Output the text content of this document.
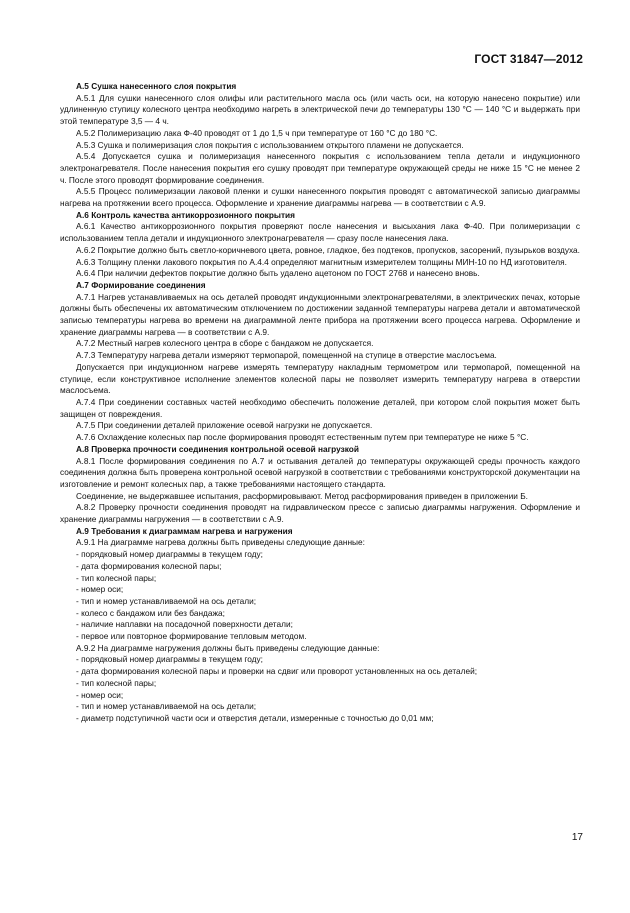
ГОСТ 31847—2012

А.5 Сушка нанесенного слоя покрытия

А.5.1 Для сушки нанесенного слоя олифы или растительного масла ось (или часть оси, на которую нанесено покрытие) или удлиненную ступицу колесного центра необходимо нагреть в электрической печи до температуры 130 °С — 140 °С и выдержать при этой температуре 3,5 — 4 ч.

А.5.2 Полимеризацию лака Ф-40 проводят от 1 до 1,5 ч при температуре от 160 °С до 180 °С.

А.5.3 Сушка и полимеризация слоя покрытия с использованием открытого пламени не допускается.

А.5.4 Допускается сушка и полимеризация нанесенного покрытия с использованием тепла детали и индукционного электронагревателя. После нанесения покрытия его сушку проводят при температуре окружающей среды не ниже 15 °С не менее 2 ч. После этого проводят формирование соединения.

А.5.5 Процесс полимеризации лаковой пленки и сушки нанесенного покрытия проводят с автоматической записью диаграммы нагрева на протяжении всего процесса. Оформление и хранение диаграммы нагрева — в соответствии с А.9.

А.6 Контроль качества антикоррозионного покрытия

А.6.1 Качество антикоррозионного покрытия проверяют после нанесения и высыхания лака Ф-40. При полимеризации с использованием тепла детали и индукционного электронагревателя — сразу после нанесения лака.

А.6.2 Покрытие должно быть светло-коричневого цвета, ровное, гладкое, без подтеков, пропусков, засорений, пузырьков воздуха.

А.6.3 Толщину пленки лакового покрытия по А.4.4 определяют магнитным измерителем толщины МИН-10 по НД изготовителя.

А.6.4 При наличии дефектов покрытие должно быть удалено ацетоном по ГОСТ 2768 и нанесено вновь.

А.7 Формирование соединения

А.7.1 Нагрев устанавливаемых на ось деталей проводят индукционными электронагревателями, в электрических печах, которые должны быть обеспечены их автоматическим отключением по достижении заданной температуры нагрева детали и автоматической записью температуры нагрева во времени на диаграммной ленте прибора на протяжении всего процесса нагрева. Оформление и хранение диаграммы нагрева — в соответствии с А.9.

А.7.2 Местный нагрев колесного центра в сборе с бандажом не допускается.

А.7.3 Температуру нагрева детали измеряют термопарой, помещенной на ступице в отверстие маслосъема.

Допускается при индукционном нагреве измерять температуру накладным термометром или термопарой, помещенной на ступице, если конструктивное исполнение элементов колесной пары не позволяет измерить температуру нагрева в отверстии маслосъема.

А.7.4 При соединении составных частей необходимо обеспечить положение деталей, при котором слой покрытия может быть защищен от повреждения.

А.7.5 При соединении деталей приложение осевой нагрузки не допускается.

А.7.6 Охлаждение колесных пар после формирования проводят естественным путем при температуре не ниже 5 °С.

А.8 Проверка прочности соединения контрольной осевой нагрузкой

А.8.1 После формирования соединения по А.7 и остывания деталей до температуры окружающей среды прочность каждого соединения должна быть проверена контрольной осевой нагрузкой в соответствии с требованиями конструкторской документации на изготовление и ремонт колесных пар, а также требованиями настоящего стандарта.

Соединение, не выдержавшее испытания, расформировывают. Метод расформирования приведен в приложении Б.

А.8.2 Проверку прочности соединения проводят на гидравлическом прессе с записью диаграммы нагружения. Оформление и хранение диаграммы нагружения — в соответствии с А.9.

А.9 Требования к диаграммам нагрева и нагружения

А.9.1 На диаграмме нагрева должны быть приведены следующие данные:

- порядковый номер диаграммы в текущем году;

- дата формирования колесной пары;

- тип колесной пары;

- номер оси;

- тип и номер устанавливаемой на ось детали;

- колесо с бандажом или без бандажа;

- наличие наплавки на посадочной поверхности детали;

- первое или повторное формирование тепловым методом.

А.9.2 На диаграмме нагружения должны быть приведены следующие данные:

- порядковый номер диаграммы в текущем году;

- дата формирования колесной пары и проверки на сдвиг или проворот установленных на ось деталей;

- тип колесной пары;

- номер оси;

- тип и номер устанавливаемой на ось детали;

- диаметр подступичной части оси и отверстия детали, измеренные с точностью до 0,01 мм;

17
